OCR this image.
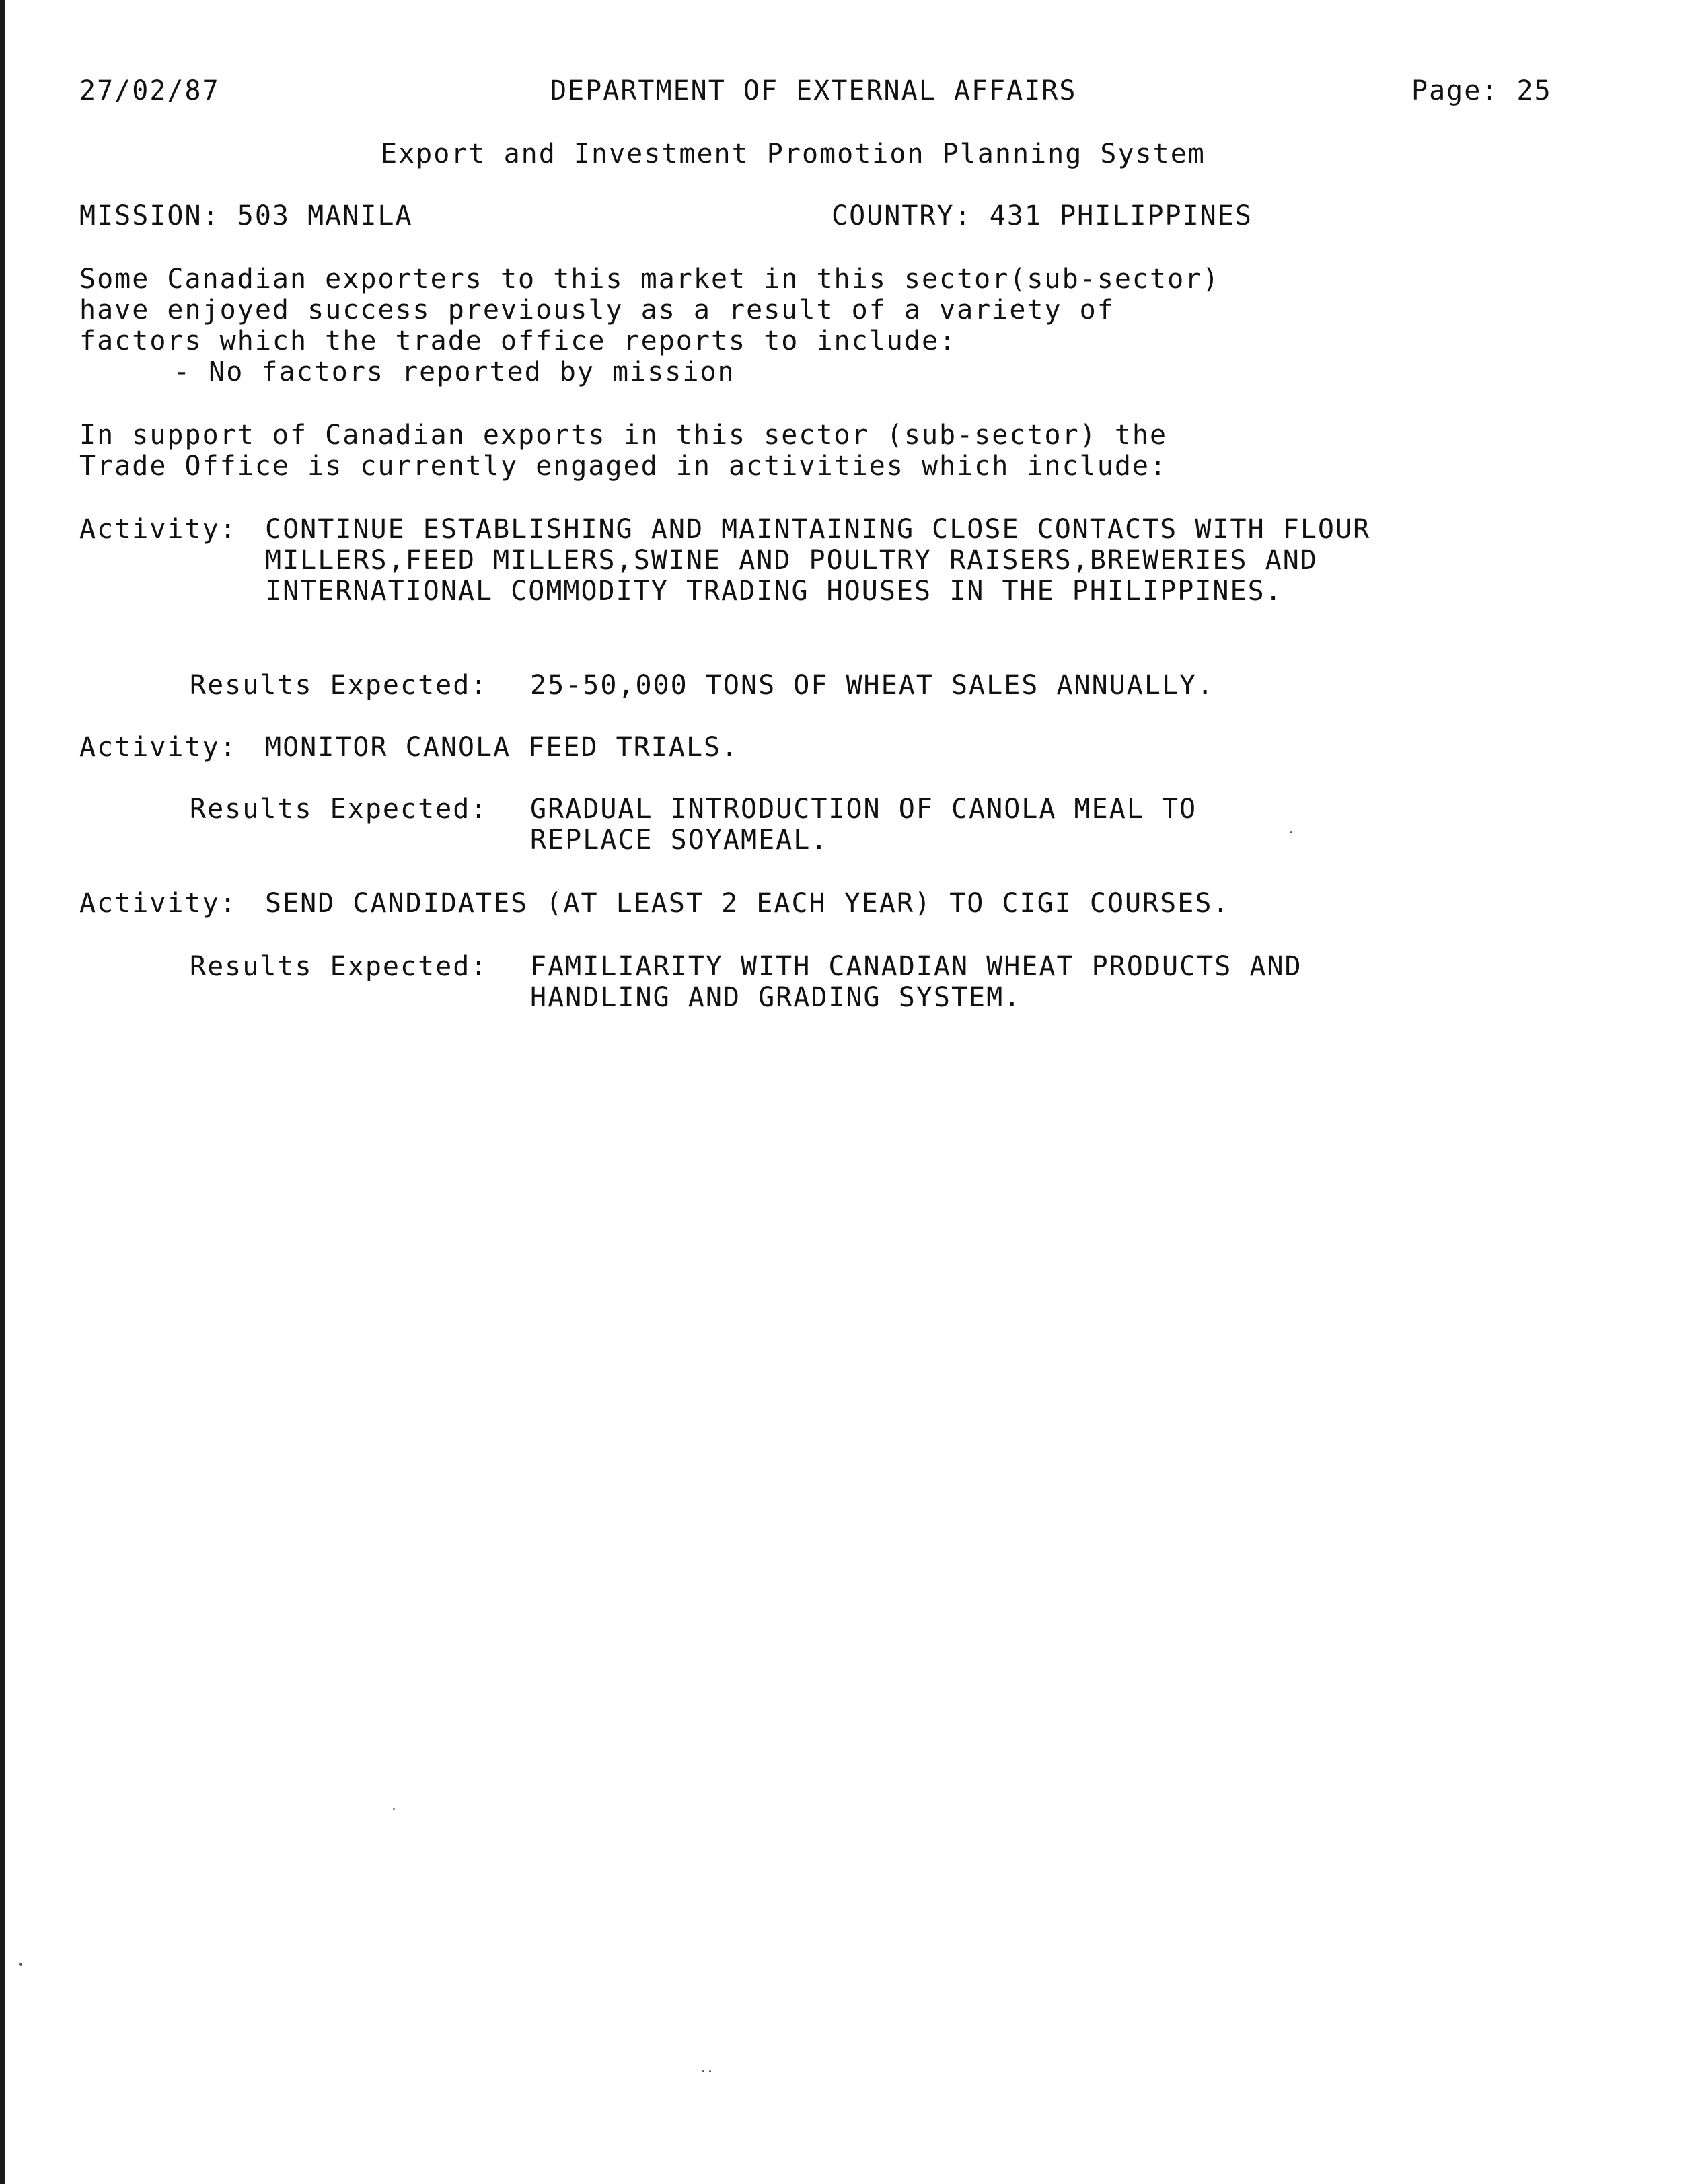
27/02/87	DEPARTMENT OF EXTERNAL AFFAIRS	Page: 25
Export and Investment Promotion Planning System
MISSION: 503 MANILA	COUNTRY: 431 PHILIPPINES
Some Canadian exporters to this market in this sector(sub-sector)
have enjoyed success previously as a result of a variety of
factors which the trade office reports to include:
- No factors reported by mission
In support of Canadian exports in this sector (sub-sector) the
Trade Office is currently engaged in activities which include:
Activity: CONTINUE ESTABLISHING AND MAINTAINING CLOSE CONTACTS WITH FLOUR
MILLERS,FEED MILLERS,SWINE AND POULTRY RAISERS,BREWERIES AND
INTERNATIONAL COMMODITY TRADING HOUSES IN THE PHILIPPINES.
Results Expected: 25-50,000 TONS OF WHEAT SALES ANNUALLY.
Activity: MONITOR CANOLA FEED TRIALS.
Results Expected: GRADUAL INTRODUCTION OF CANOLA MEAL TO
REPLACE SOYAMEAL.
Activity: SEND CANDIDATES (AT LEAST 2 EACH YEAR) TO CIGI COURSES.
Results Expected: FAMILIARITY WITH CANADIAN WHEAT PRODUCTS AND
HANDLING AND GRADING SYSTEM.
